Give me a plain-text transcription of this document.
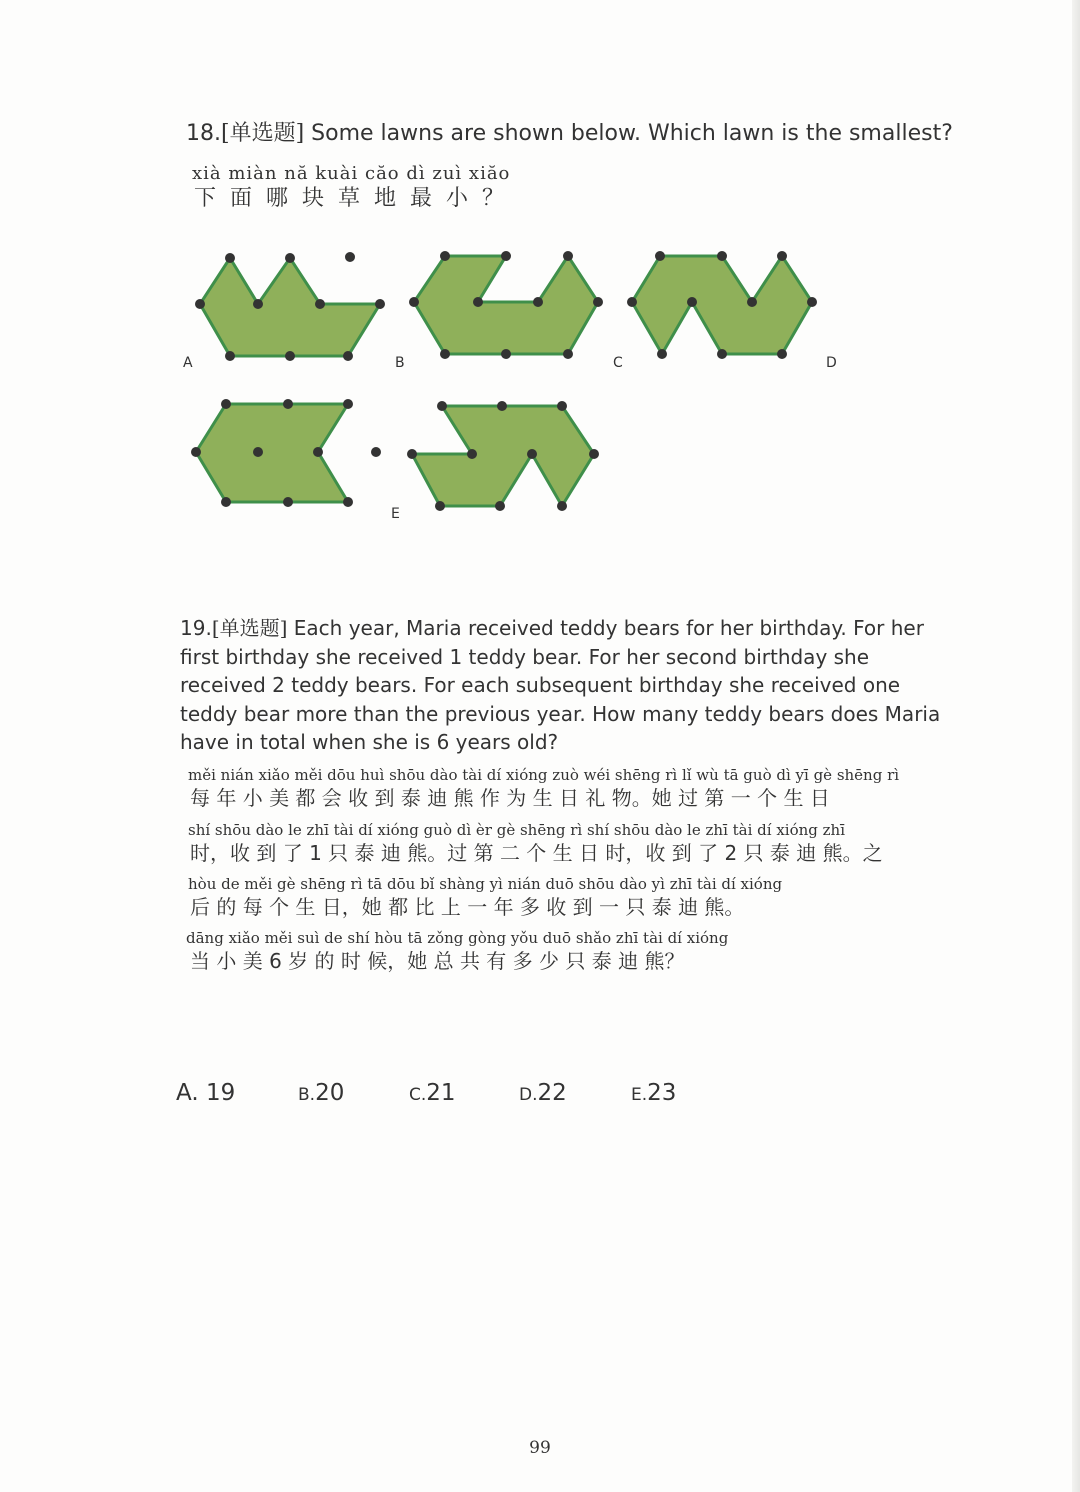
18.[单选题] Some lawns are shown below. Which lawn is the smallest?
xià miàn nă kuài căo dì zuì xiăo
下面哪块草地最小？
A	B	C	D
E
19.[单选题] Each year, Maria received teddy bears for her birthday. For her first birthday she received 1 teddy bear. For her second birthday she received 2 teddy bears. For each subsequent birthday she received one teddy bear more than the previous year. How many teddy bears does Maria have in total when she is 6 years old?
měi nián xiǎo měi dōu huì shōu dào tài dí xióng zuò wéi shēng rì lǐ wù tā guò dì yī gè shēng rì
每 年 小 美 都 会 收 到 泰 迪 熊 作 为 生 日 礼 物。她 过 第 一 个 生 日
shí shōu dào le zhī tài dí xióng guò dì èr gè shēng rì shí shōu dào le zhī tài dí xióng zhī
时，收 到 了 1 只 泰 迪 熊。过 第 二 个 生 日 时，收 到 了 2 只 泰 迪 熊。之
hòu de měi gè shēng rì tā dōu bǐ shàng yì nián duō shōu dào yì zhī tài dí xióng
后 的 每 个 生 日，她 都 比 上 一 年 多 收 到 一 只 泰 迪 熊。
dāng xiǎo měi suì de shí hòu tā zǒng gòng yǒu duō shǎo zhī tài dí xióng
当 小 美 6 岁 的 时 候，她 总 共 有 多 少 只 泰 迪 熊？
A. 19	B.20	C.21	D.22	E.23
99
